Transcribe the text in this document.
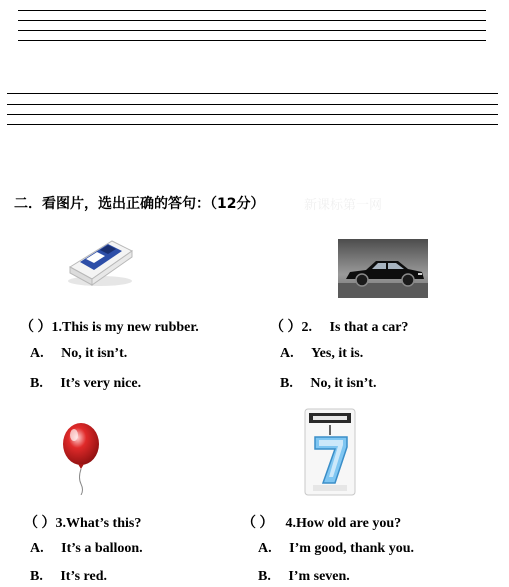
二．看图片，选出正确的答句：（12分）	新课标第一网
（ ）1.This is my new rubber.
A. No, it isn’t.
B. It’s very nice.
（ ）2. Is that a car?
A. Yes, it is.
B. No, it isn’t.
（ ）3.What’s this?
A. It’s a balloon.
B. It’s red.
（ ） 4.How old are you?
A. I’m good, thank you.
B. I’m seven.
